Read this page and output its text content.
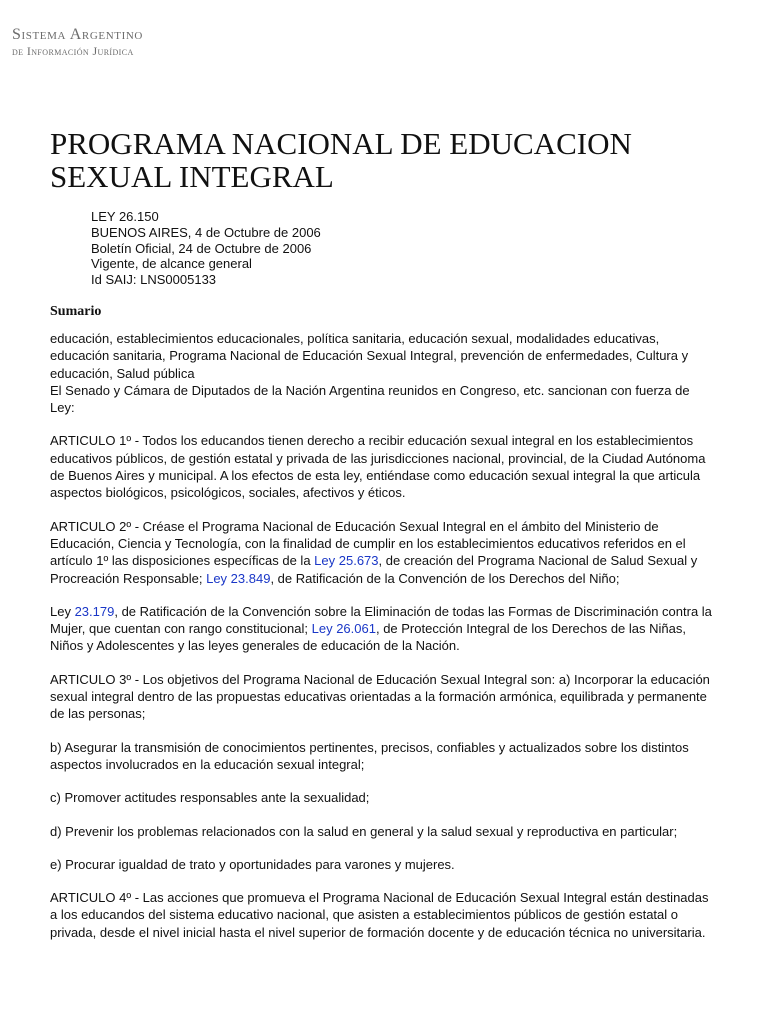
Sistema Argentino
de Información Jurídica
PROGRAMA NACIONAL DE EDUCACION SEXUAL INTEGRAL
LEY 26.150
BUENOS AIRES, 4 de Octubre de 2006
Boletín Oficial, 24 de Octubre de 2006
Vigente, de alcance general
Id SAIJ: LNS0005133
Sumario

educación, establecimientos educacionales, política sanitaria, educación sexual, modalidades educativas, educación sanitaria, Programa Nacional de Educación Sexual Integral, prevención de enfermedades, Cultura y educación, Salud pública

El Senado y Cámara de Diputados de la Nación Argentina reunidos en Congreso, etc. sancionan con fuerza de Ley:

ARTICULO 1º - Todos los educandos tienen derecho a recibir educación sexual integral en los establecimientos educativos públicos, de gestión estatal y privada de las jurisdicciones nacional, provincial, de la Ciudad Autónoma de Buenos Aires y municipal. A los efectos de esta ley, entiéndase como educación sexual integral la que articula aspectos biológicos, psicológicos, sociales, afectivos y éticos.

ARTICULO 2º - Créase el Programa Nacional de Educación Sexual Integral en el ámbito del Ministerio de Educación, Ciencia y Tecnología, con la finalidad de cumplir en los establecimientos educativos referidos en el artículo 1º las disposiciones específicas de la Ley 25.673, de creación del Programa Nacional de Salud Sexual y Procreación Responsable; Ley 23.849, de Ratificación de la Convención de los Derechos del Niño;

Ley 23.179, de Ratificación de la Convención sobre la Eliminación de todas las Formas de Discriminación contra la Mujer, que cuentan con rango constitucional; Ley 26.061, de Protección Integral de los Derechos de las Niñas, Niños y Adolescentes y las leyes generales de educación de la Nación.

ARTICULO 3º - Los objetivos del Programa Nacional de Educación Sexual Integral son: a) Incorporar la educación sexual integral dentro de las propuestas educativas orientadas a la formación armónica, equilibrada y permanente de las personas;

b) Asegurar la transmisión de conocimientos pertinentes, precisos, confiables y actualizados sobre los distintos aspectos involucrados en la educación sexual integral;

c) Promover actitudes responsables ante la sexualidad;

d) Prevenir los problemas relacionados con la salud en general y la salud sexual y reproductiva en particular;

e) Procurar igualdad de trato y oportunidades para varones y mujeres.

ARTICULO 4º - Las acciones que promueva el Programa Nacional de Educación Sexual Integral están destinadas a los educandos del sistema educativo nacional, que asisten a establecimientos públicos de gestión estatal o privada, desde el nivel inicial hasta el nivel superior de formación docente y de educación técnica no universitaria.
